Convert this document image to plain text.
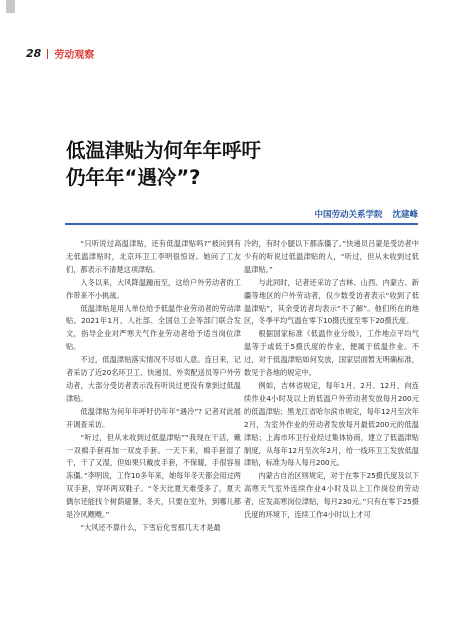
28 劳动观察
低温津贴为何年年呼吁
仍年年“遇冷”?
中国劳动关系学院 沈建峰

“只听说过高温津贴，还有低温津贴吗?”被问到有无低温津贴时，北京环卫工李明很惊讶。她问了工友们，都表示不清楚这项津贴。

入冬以来，大风降温踵而至，这给户外劳动者的工作带来不小挑战。

低温津贴是用人单位给予低温作业劳动者的劳动津贴。2021年1月，人社部、全国总工会等部门联合发文，指导企业对严寒天气作业劳动者给予适当岗位津贴。

不过，低温津贴落实情况不尽如人意。连日来，记者采访了近20名环卫工、快递员、外卖配送员等户外劳动者，大部分受访者表示没有听说过更没有拿到过低温津贴。

低温津贴为何年年呼吁仍年年“遇冷”? 记者对此展开调查采访。

“听过，但从未收到过低温津贴”“我现在干活，戴一双棉手套再加一双皮手套。一天下来，棉手套湿了干，干了又湿，但如果只戴皮手套，不保暖，手很容易冻僵。”李明说，工作10多年来，她每年冬天都会用过两双手套，穿坏两双鞋子。“冬天比夏天难受多了，夏天偶尔还能找个树荫避暑，冬天，只要在室外，到哪儿都是冷风飕飕。”

“大风还不算什么，下雪后化雪那几天才是最

冷的，有时小腿以下都冻僵了。”快递员吕蒙是受访者中少有的听说过低温津贴的人，“听过，但从未收到过低温津贴。”

与此同时，记者还采访了吉林、山西、内蒙古、新疆等地区的户外劳动者，仅少数受访者表示“收到了低温津贴”，其余受访者均表示“不了解”。他们所在的地区，冬季平均气温在零下10摄氏度至零下20摄氏度。

根据国家标准《低温作业分级》，工作地点平均气温等于或低于5摄氏度的作业，便属于低温作业。不过，对于低温津贴如何发放，国家层面暂无明确标准，数见于各地的规定中。

例如，吉林省规定，每年1月、2月、12月，向连续作业4小时及以上的低温户外劳动者发放每月200元的低温津贴；黑龙江省哈尔滨市规定，每年12月至次年2月，为室外作业的劳动者发放每月最低200元的低温津贴；上海市环卫行业经过集体协商，建立了低温津贴制度，从每年12月至次年2月，给一线环卫工发放低温津贴，标准为每人每月200元。

内蒙古自治区则规定，对于在零下25摄氏度及以下高寒天气室外连续作业4小时及以上工作岗位的劳动者，应发高寒岗位津贴，每月230元。”只有在零下25摄氏度的环境下，连续工作4小时以上才可
